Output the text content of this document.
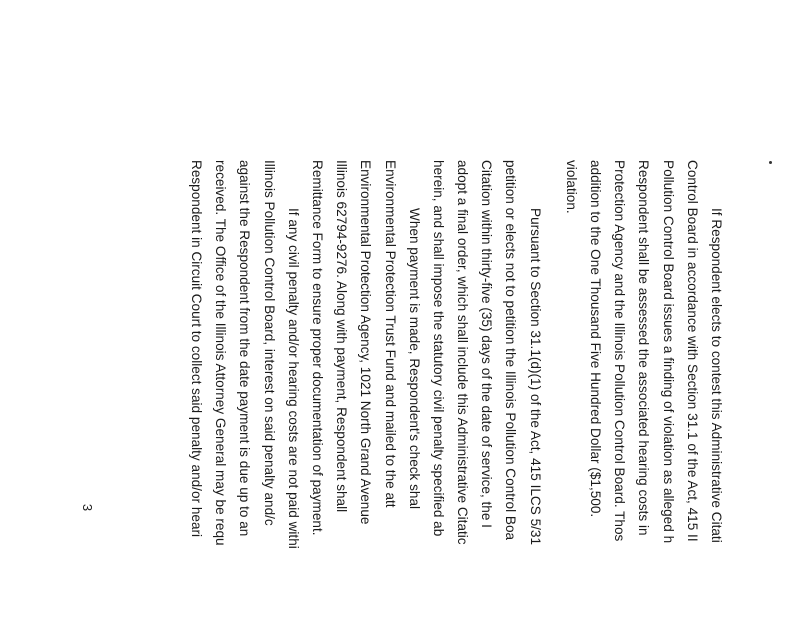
If Respondent elects to contest this Administrative Citati
Control Board in accordance with Section 31.1 of the Act, 415 II
Pollution Control Board issues a finding of violation as alleged h
Respondent shall be assessed the associated hearing costs in
Protection Agency and the Illinois Pollution Control Board. Thos
addition to the One Thousand Five Hundred Dollar ($1,500.
violation.
Pursuant to Section 31.1(d)(1) of the Act, 415 ILCS 5/31
petition or elects not to petition the Illinois Pollution Control Boa
Citation within thirty-five (35) days of the date of service, the I
adopt a final order, which shall include this Administrative Citatic
herein, and shall impose the statutory civil penalty specified ab
When payment is made, Respondent's check shal
Environmental Protection Trust Fund and mailed to the att
Environmental Protection Agency, 1021 North Grand Avenue
Illinois 62794-9276. Along with payment, Respondent shall
Remittance Form to ensure proper documentation of payment.
If any civil penalty and/or hearing costs are not paid withi
Illinois Pollution Control Board, interest on said penalty and/c
against the Respondent from the date payment is due up to an
received. The Office of the Illinois Attorney General may be requ
Respondent in Circuit Court to collect said penalty and/or heari
3
